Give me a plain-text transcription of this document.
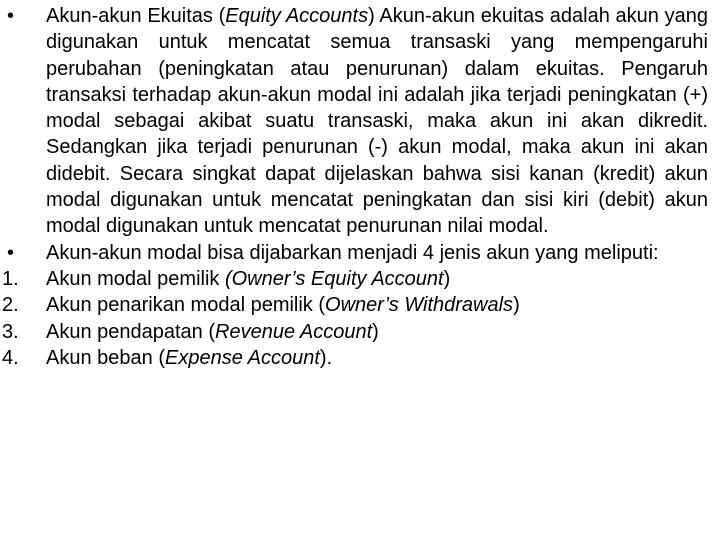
• Akun-akun Ekuitas (Equity Accounts) Akun-akun ekuitas adalah akun yang digunakan untuk mencatat semua transaski yang mempengaruhi perubahan (peningkatan atau penurunan) dalam ekuitas. Pengaruh transaksi terhadap akun-akun modal ini adalah jika terjadi peningkatan (+) modal sebagai akibat suatu transaski, maka akun ini akan dikredit. Sedangkan jika terjadi penurunan (-) akun modal, maka akun ini akan didebit. Secara singkat dapat dijelaskan bahwa sisi kanan (kredit) akun modal digunakan untuk mencatat peningkatan dan sisi kiri (debit) akun modal digunakan untuk mencatat penurunan nilai modal.
• Akun-akun modal bisa dijabarkan menjadi 4 jenis akun yang meliputi:
1. Akun modal pemilik (Owner’s Equity Account)
2. Akun penarikan modal pemilik (Owner’s Withdrawals)
3. Akun pendapatan (Revenue Account)
4. Akun beban (Expense Account).
